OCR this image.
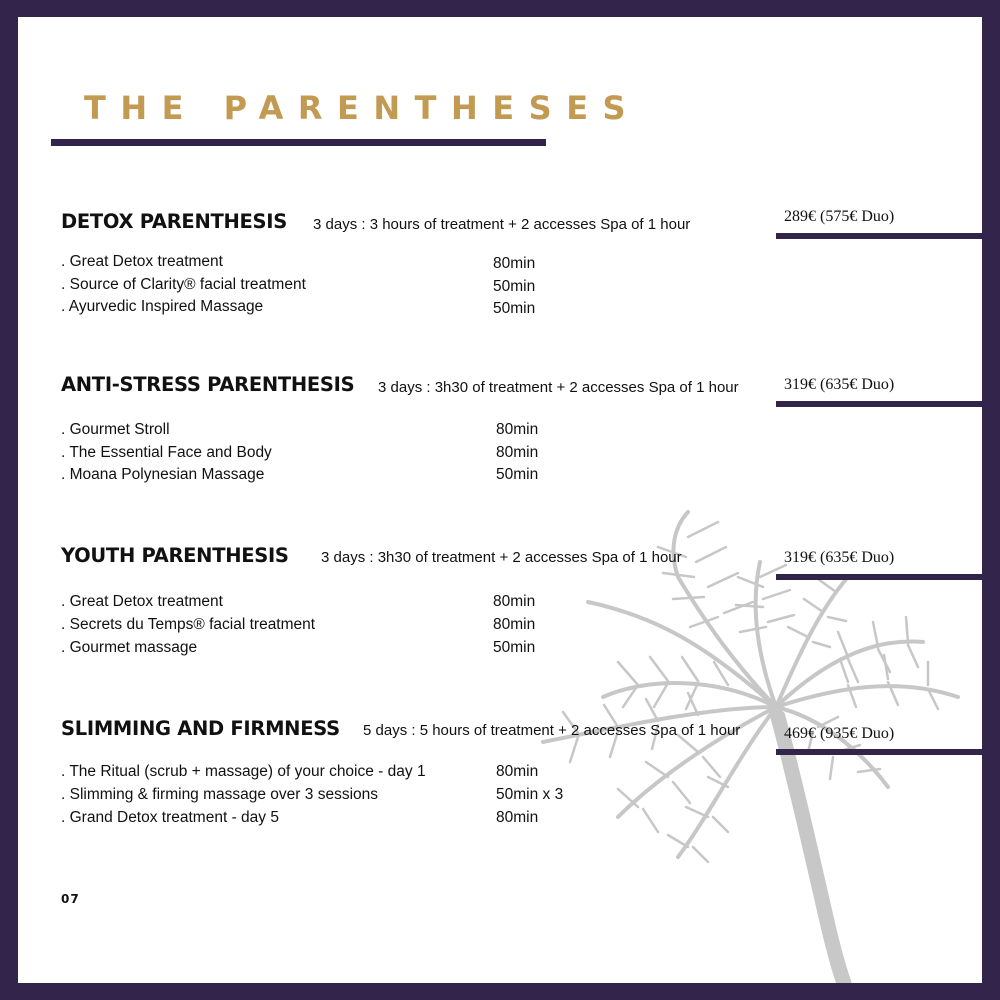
THE PARENTHESES
DETOX PARENTHESIS 3 days : 3 hours of treatment + 2 accesses Spa of 1 hour	289€ (575€ Duo)
. Great Detox treatment	80min
. Source of Clarity® facial treatment	50min
. Ayurvedic Inspired Massage	50min
ANTI-STRESS PARENTHESIS 3 days : 3h30 of treatment + 2 accesses Spa of 1 hour	319€ (635€ Duo)
. Gourmet Stroll	80min
. The Essential Face and Body	80min
. Moana Polynesian Massage	50min
YOUTH PARENTHESIS 3 days : 3h30 of treatment + 2 accesses Spa of 1 hour	319€ (635€ Duo)
. Great Detox treatment	80min
. Secrets du Temps® facial treatment	80min
. Gourmet massage	50min
SLIMMING AND FIRMNESS 5 days : 5 hours of treatment + 2 accesses Spa of 1 hour	469€ (935€ Duo)
. The Ritual (scrub + massage) of your choice - day 1	80min
. Slimming & firming massage over 3 sessions	50min x 3
. Grand Detox treatment - day 5	80min
07
